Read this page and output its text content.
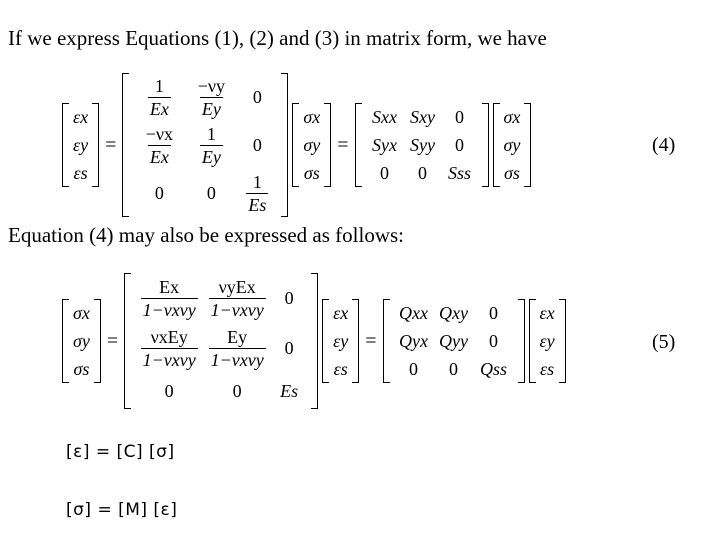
If we express Equations (1), (2) and (3) in matrix form, we have
εx
εy
εs
=
$\frac{1}{Ex} \frac{-\nu y}{Ey} 0$
$\frac{-\nu x}{Ex} \frac{1}{Ey} 0$
0 $0 \frac{1}{Es}$
σx
σy
σs
=
Sxx Sxy 0
Syx Syy 0
0 0 Sss
σx
σy
σs
(4)
Equation (4) may also be expressed as follows:
σx
σy
σs
=
$\frac{Ex}{\text{1−νxνy}} \frac{\text{νyEx}}{\text{1−νxνy}} 0$
$\frac{\text{νxEy}}{\text{1−νxνy}} \frac{Ey}{\text{1−νxνy}} 0$
0	0 Es
εx
εy
εs
=
Qxx Qxy 0
Qyx Qyy 0
0 0 Qss
εx
εy
εs
(5)
[ε] = [C] [σ]
[σ] = [M] [ε]
